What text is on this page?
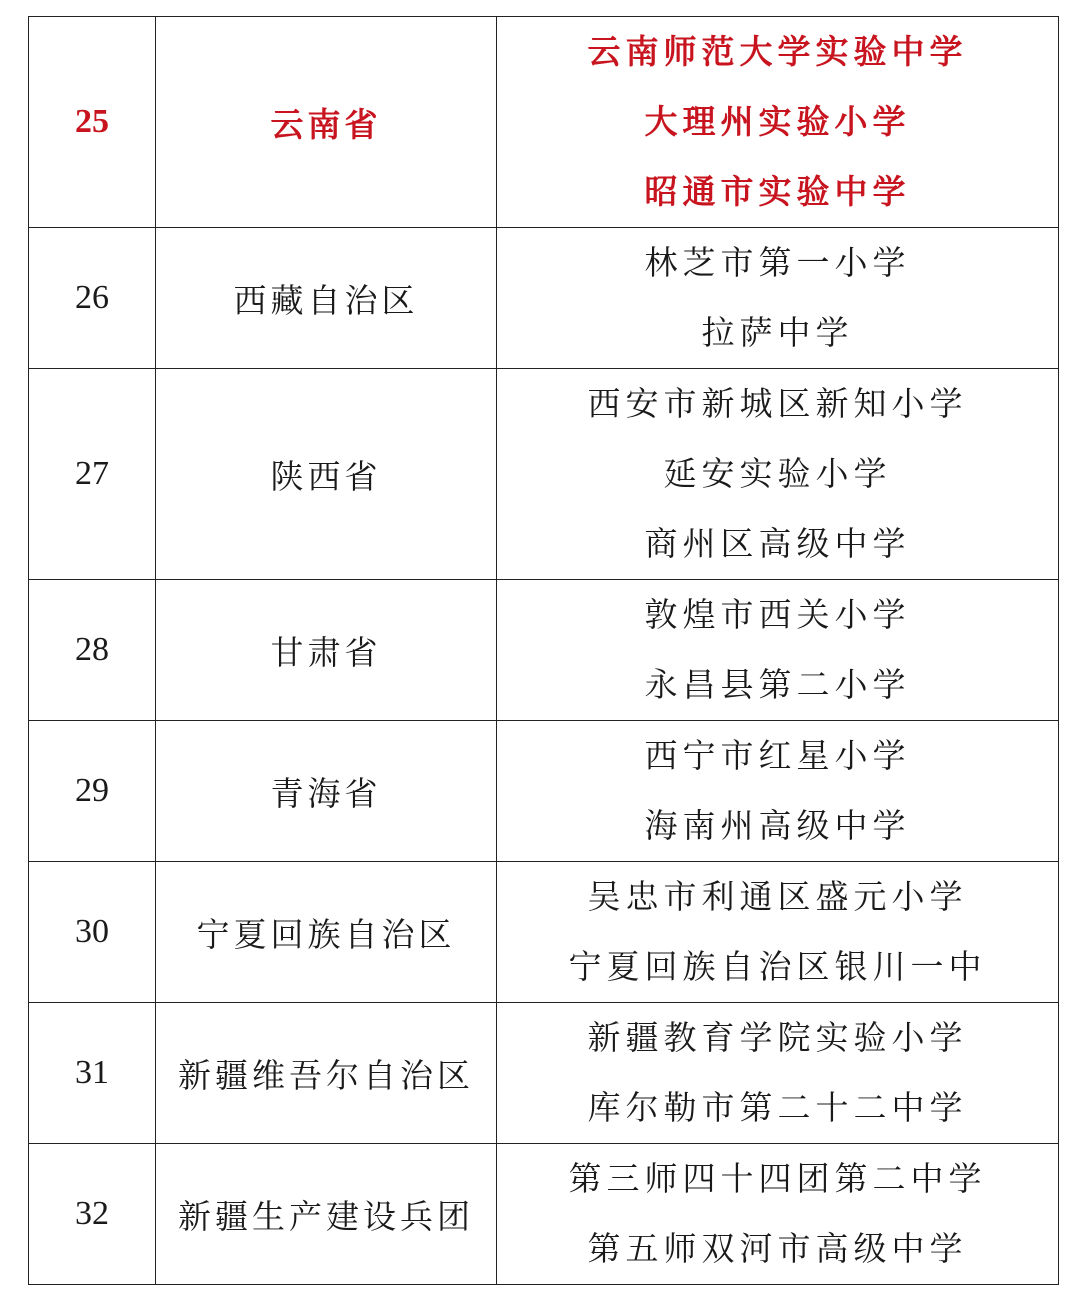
25	云南省	云南师范大学实验中学
大理州实验小学
昭通市实验中学

26	西藏自治区	林芝市第一小学
拉萨中学

27	陕西省	西安市新城区新知小学
延安实验小学
商州区高级中学

28	甘肃省	敦煌市西关小学
永昌县第二小学

29	青海省	西宁市红星小学
海南州高级中学

30	宁夏回族自治区	吴忠市利通区盛元小学
宁夏回族自治区银川一中

31	新疆维吾尔自治区	新疆教育学院实验小学
库尔勒市第二十二中学

32	新疆生产建设兵团	第三师四十四团第二中学
第五师双河市高级中学
